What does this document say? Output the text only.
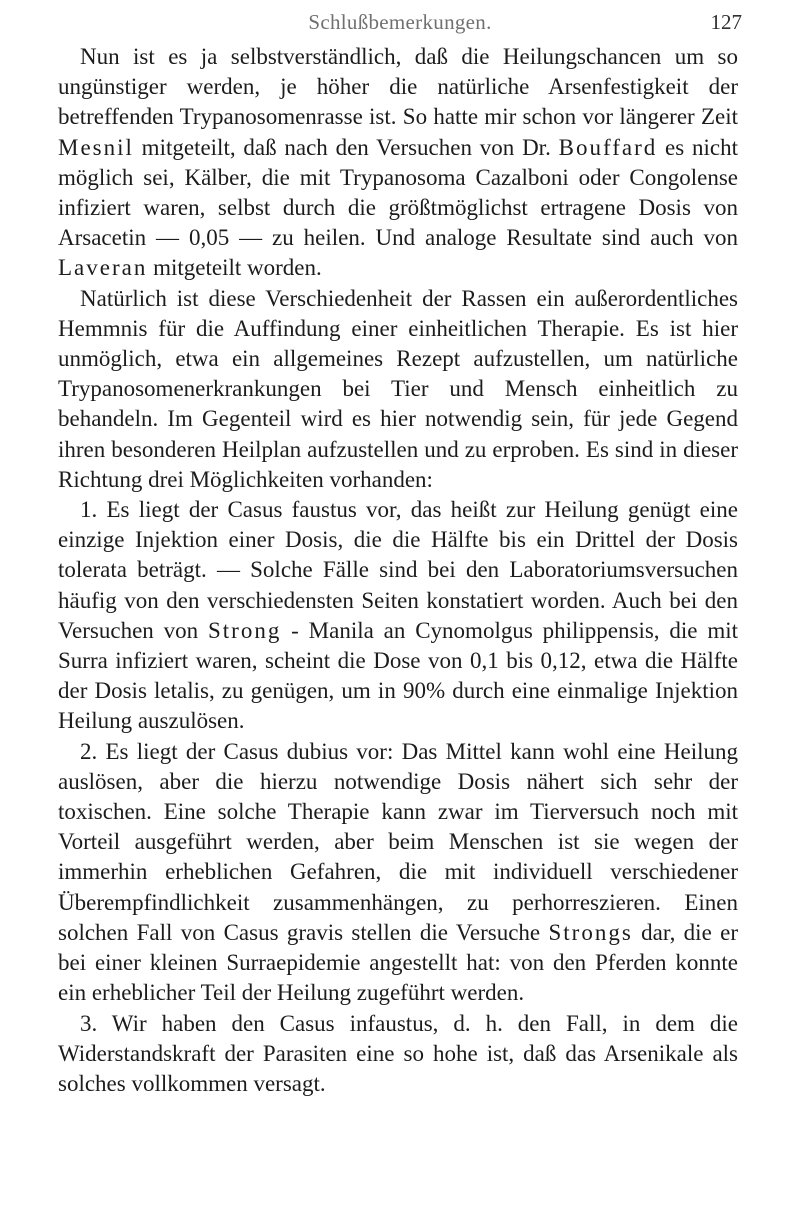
Schlußbemerkungen.	127

Nun ist es ja selbstverständlich, daß die Heilungschancen um so ungünstiger werden, je höher die natürliche Arsenfestigkeit der betreffenden Trypanosomenrasse ist. So hatte mir schon vor längerer Zeit Mesnil mitgeteilt, daß nach den Versuchen von Dr. Bouffard es nicht möglich sei, Kälber, die mit Trypanosoma Cazalboni oder Congolense infiziert waren, selbst durch die größtmöglichst ertragene Dosis von Arsacetin — 0,05 — zu heilen. Und analoge Resultate sind auch von Laveran mitgeteilt worden.

Natürlich ist diese Verschiedenheit der Rassen ein außerordentliches Hemmnis für die Auffindung einer einheitlichen Therapie. Es ist hier unmöglich, etwa ein allgemeines Rezept aufzustellen, um natürliche Trypanosomenerkrankungen bei Tier und Mensch einheitlich zu behandeln. Im Gegenteil wird es hier notwendig sein, für jede Gegend ihren besonderen Heilplan aufzustellen und zu erproben. Es sind in dieser Richtung drei Möglichkeiten vorhanden:

1. Es liegt der Casus faustus vor, das heißt zur Heilung genügt eine einzige Injektion einer Dosis, die die Hälfte bis ein Drittel der Dosis tolerata beträgt. — Solche Fälle sind bei den Laboratoriumsversuchen häufig von den verschiedensten Seiten konstatiert worden. Auch bei den Versuchen von Strong - Manila an Cynomolgus philippensis, die mit Surra infiziert waren, scheint die Dose von 0,1 bis 0,12, etwa die Hälfte der Dosis letalis, zu genügen, um in 90% durch eine einmalige Injektion Heilung auszulösen.

2. Es liegt der Casus dubius vor: Das Mittel kann wohl eine Heilung auslösen, aber die hierzu notwendige Dosis nähert sich sehr der toxischen. Eine solche Therapie kann zwar im Tierversuch noch mit Vorteil ausgeführt werden, aber beim Menschen ist sie wegen der immerhin erheblichen Gefahren, die mit individuell verschiedener Überempfindlichkeit zusammenhängen, zu perhorreszieren. Einen solchen Fall von Casus gravis stellen die Versuche Strongs dar, die er bei einer kleinen Surraepidemie angestellt hat: von den Pferden konnte ein erheblicher Teil der Heilung zugeführt werden.

3. Wir haben den Casus infaustus, d. h. den Fall, in dem die Widerstandskraft der Parasiten eine so hohe ist, daß das Arsenikale als solches vollkommen versagt.
